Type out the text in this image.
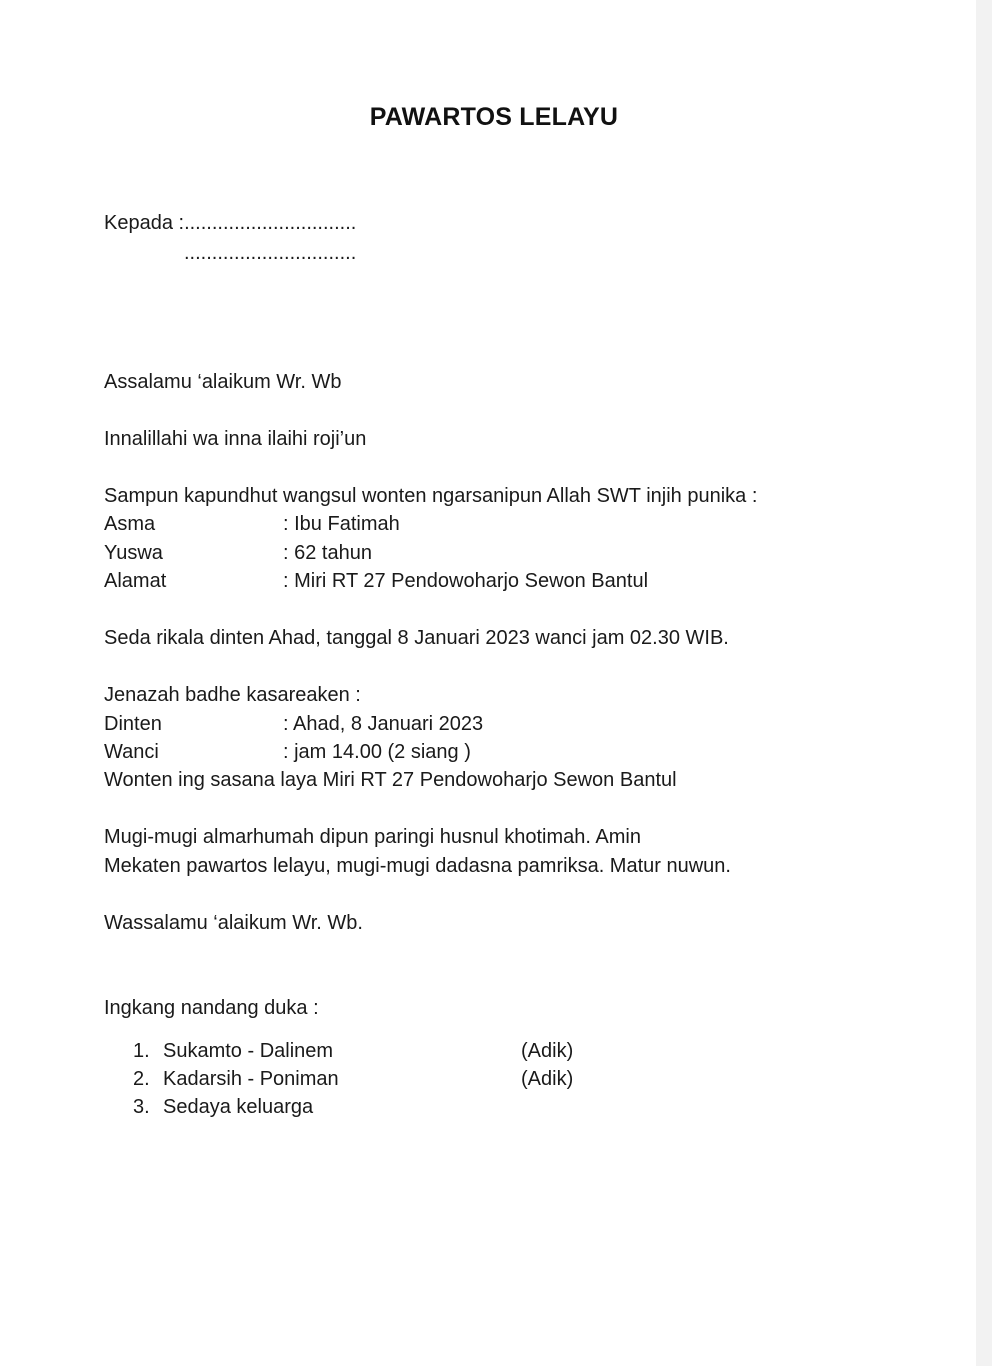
PAWARTOS LELAYU
Kepada :...............................
...............................
Assalamu ‘alaikum Wr. Wb
Innalillahi wa inna ilaihi roji’un
Sampun kapundhut wangsul wonten ngarsanipun Allah SWT injih punika :
Asma	: Ibu Fatimah
Yuswa	: 62 tahun
Alamat	: Miri RT 27 Pendowoharjo Sewon Bantul
Seda rikala dinten Ahad, tanggal 8 Januari 2023 wanci jam 02.30 WIB.
Jenazah badhe kasareaken :
Dinten	: Ahad, 8 Januari 2023
Wanci	: jam 14.00 (2 siang )
Wonten ing sasana laya Miri RT 27 Pendowoharjo Sewon Bantul
Mugi-mugi almarhumah dipun paringi husnul khotimah. Amin
Mekaten pawartos lelayu, mugi-mugi dadasna pamriksa. Matur nuwun.
Wassalamu ‘alaikum Wr. Wb.
Ingkang nandang duka :
1. Sukamto - Dalinem	(Adik)
2. Kadarsih - Poniman	(Adik)
3. Sedaya keluarga
